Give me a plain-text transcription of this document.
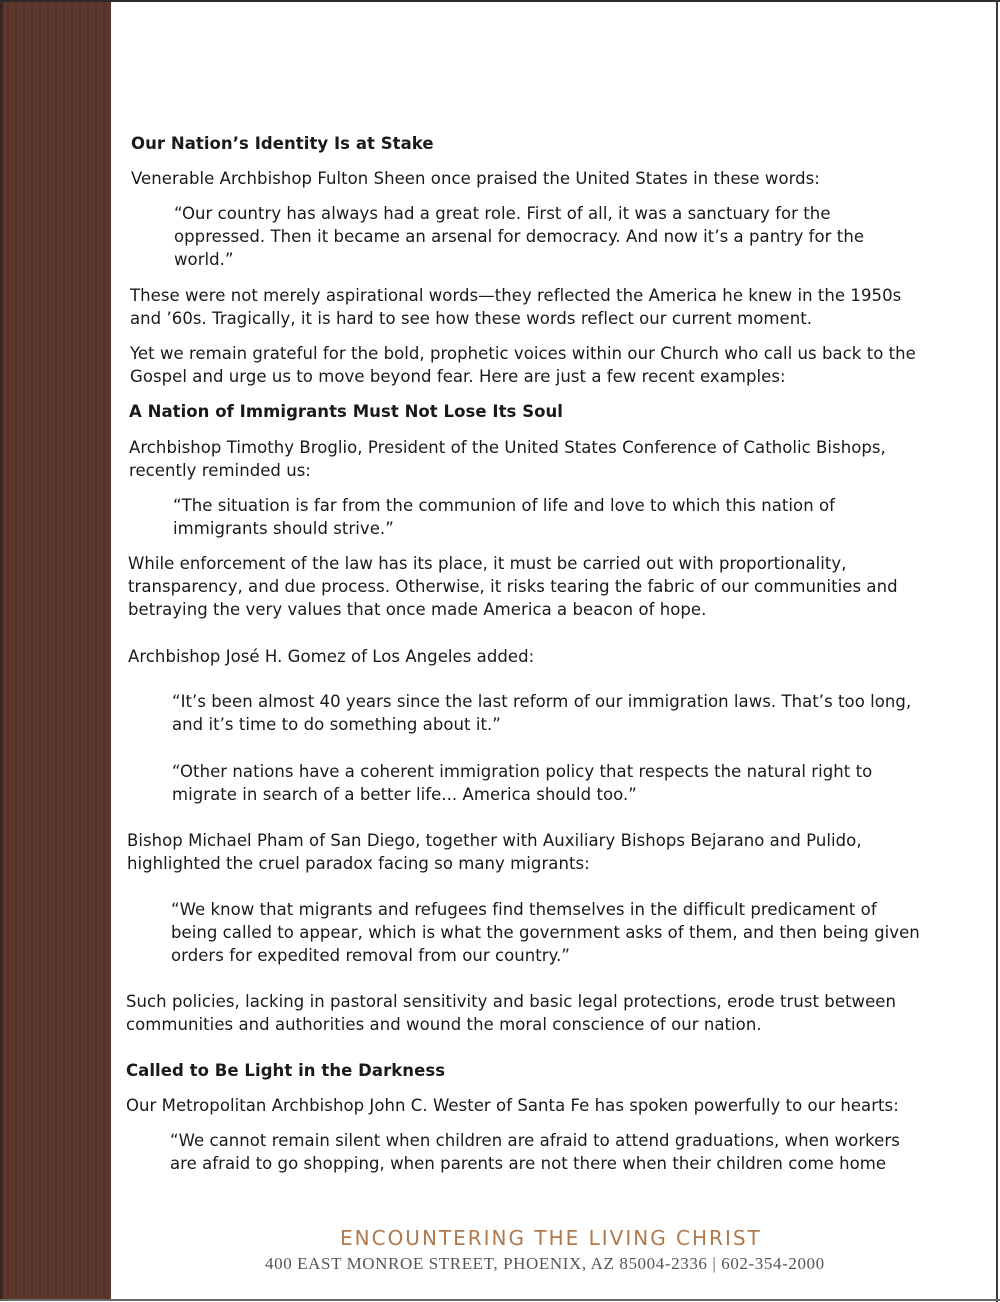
Our Nation’s Identity Is at Stake
Venerable Archbishop Fulton Sheen once praised the United States in these words:
“Our country has always had a great role. First of all, it was a sanctuary for the
oppressed. Then it became an arsenal for democracy. And now it’s a pantry for the
world.”
These were not merely aspirational words—they reflected the America he knew in the 1950s
and ’60s. Tragically, it is hard to see how these words reflect our current moment.
Yet we remain grateful for the bold, prophetic voices within our Church who call us back to the
Gospel and urge us to move beyond fear. Here are just a few recent examples:
A Nation of Immigrants Must Not Lose Its Soul
Archbishop Timothy Broglio, President of the United States Conference of Catholic Bishops,
recently reminded us:
“The situation is far from the communion of life and love to which this nation of
immigrants should strive.”
While enforcement of the law has its place, it must be carried out with proportionality,
transparency, and due process. Otherwise, it risks tearing the fabric of our communities and
betraying the very values that once made America a beacon of hope.
Archbishop José H. Gomez of Los Angeles added:
“It’s been almost 40 years since the last reform of our immigration laws. That’s too long,
and it’s time to do something about it.”
“Other nations have a coherent immigration policy that respects the natural right to
migrate in search of a better life... America should too.”
Bishop Michael Pham of San Diego, together with Auxiliary Bishops Bejarano and Pulido,
highlighted the cruel paradox facing so many migrants:
“We know that migrants and refugees find themselves in the difficult predicament of
being called to appear, which is what the government asks of them, and then being given
orders for expedited removal from our country.”
Such policies, lacking in pastoral sensitivity and basic legal protections, erode trust between
communities and authorities and wound the moral conscience of our nation.
Called to Be Light in the Darkness
Our Metropolitan Archbishop John C. Wester of Santa Fe has spoken powerfully to our hearts:
“We cannot remain silent when children are afraid to attend graduations, when workers
are afraid to go shopping, when parents are not there when their children come home
ENCOUNTERING THE LIVING CHRIST
400 EAST MONROE STREET, PHOENIX, AZ 85004-2336 | 602-354-2000
